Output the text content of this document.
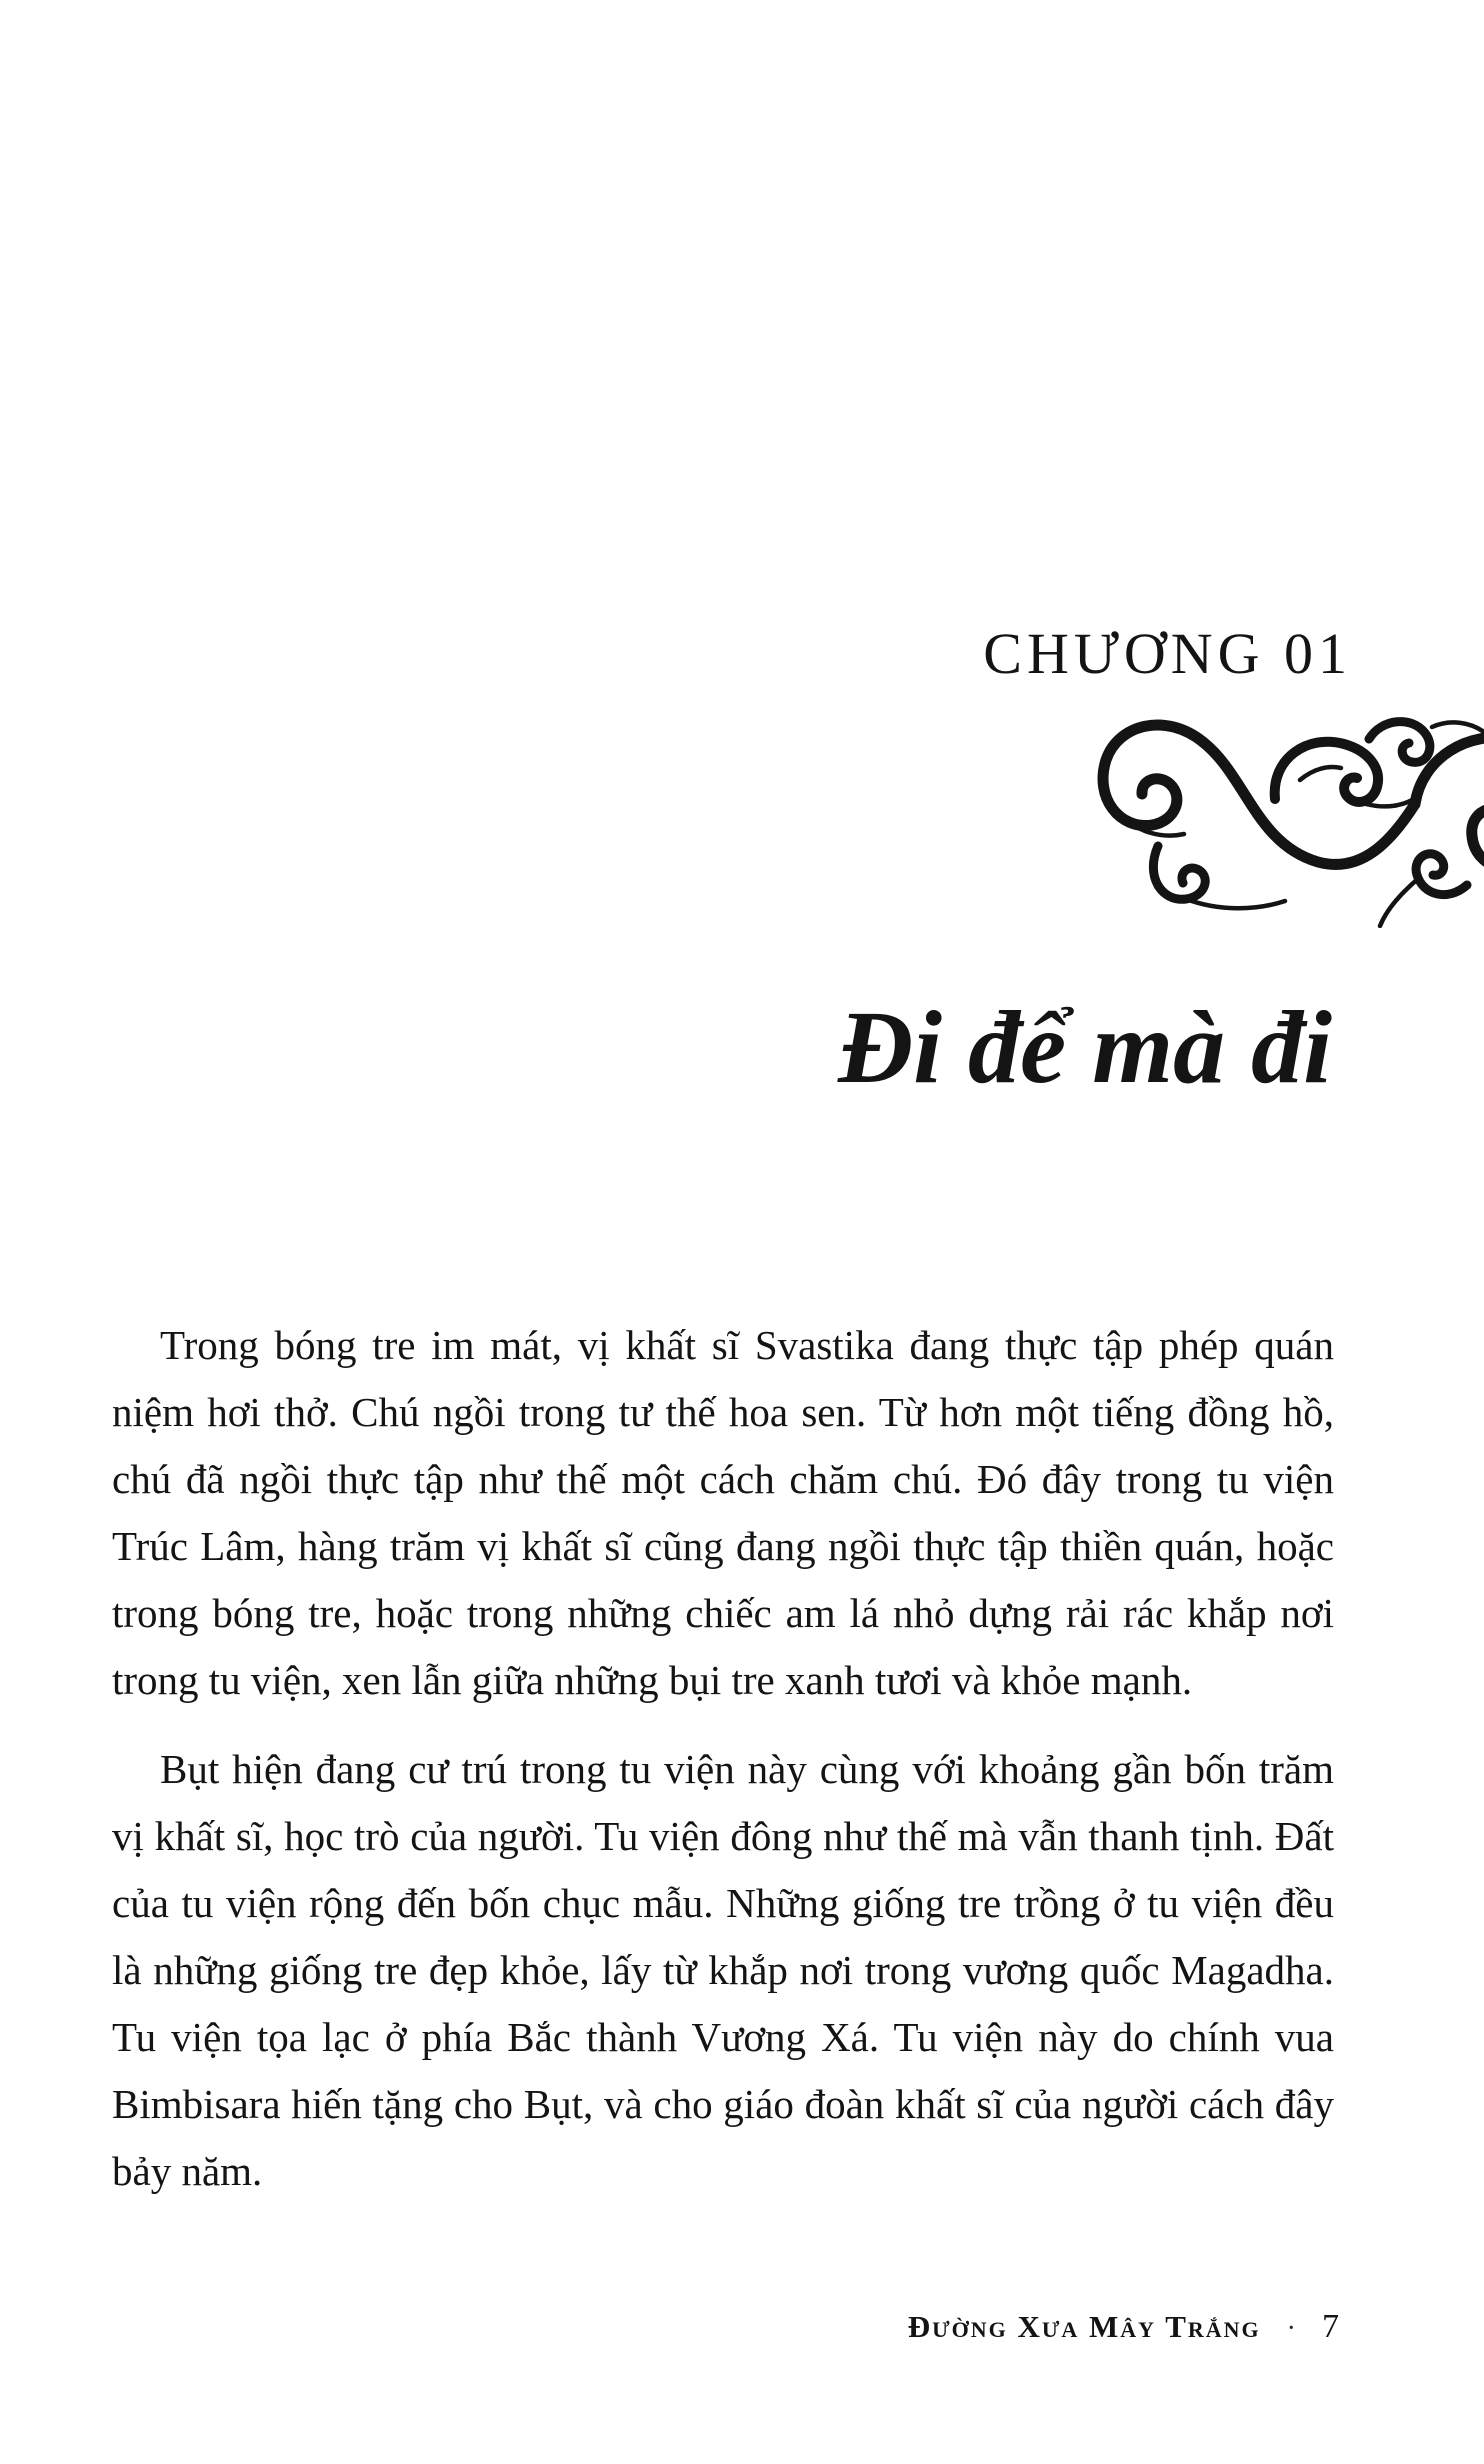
CHƯƠNG 01
Đi để mà đi

Trong bóng tre im mát, vị khất sĩ Svastika đang thực tập phép quán niệm hơi thở. Chú ngồi trong tư thế hoa sen. Từ hơn một tiếng đồng hồ, chú đã ngồi thực tập như thế một cách chăm chú. Đó đây trong tu viện Trúc Lâm, hàng trăm vị khất sĩ cũng đang ngồi thực tập thiền quán, hoặc trong bóng tre, hoặc trong những chiếc am lá nhỏ dựng rải rác khắp nơi trong tu viện, xen lẫn giữa những bụi tre xanh tươi và khỏe mạnh.

Bụt hiện đang cư trú trong tu viện này cùng với khoảng gần bốn trăm vị khất sĩ, học trò của người. Tu viện đông như thế mà vẫn thanh tịnh. Đất của tu viện rộng đến bốn chục mẫu. Những giống tre trồng ở tu viện đều là những giống tre đẹp khỏe, lấy từ khắp nơi trong vương quốc Magadha. Tu viện tọa lạc ở phía Bắc thành Vương Xá. Tu viện này do chính vua Bimbisara hiến tặng cho Bụt, và cho giáo đoàn khất sĩ của người cách đây bảy năm.

Đường Xưa Mây Trắng · 7
